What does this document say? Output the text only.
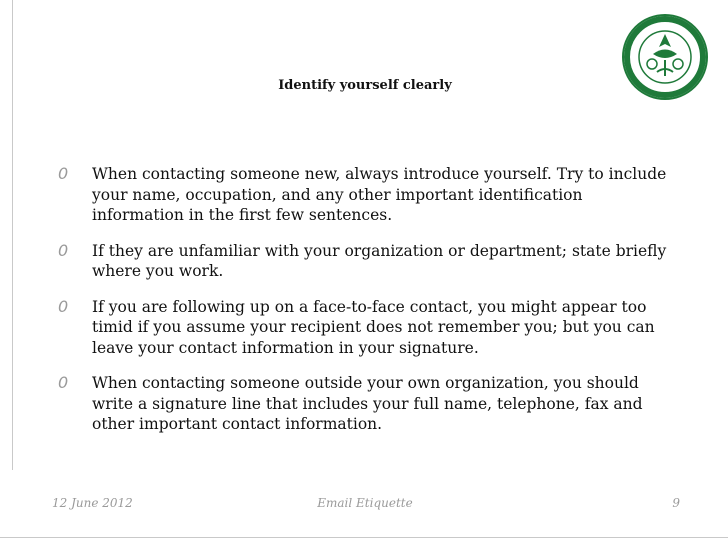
Identify yourself clearly
0 When contacting someone new, always introduce yourself. Try to include your name, occupation, and any other important identification information in the first few sentences.
0 If they are unfamiliar with your organization or department; state briefly where you work.
0 If you are following up on a face-to-face contact, you might appear too timid if you assume your recipient does not remember you; but you can leave your contact information in your signature.
0 When contacting someone outside your own organization, you should write a signature line that includes your full name, telephone, fax and other important contact information.
12 June 2012	Email Etiquette	9
